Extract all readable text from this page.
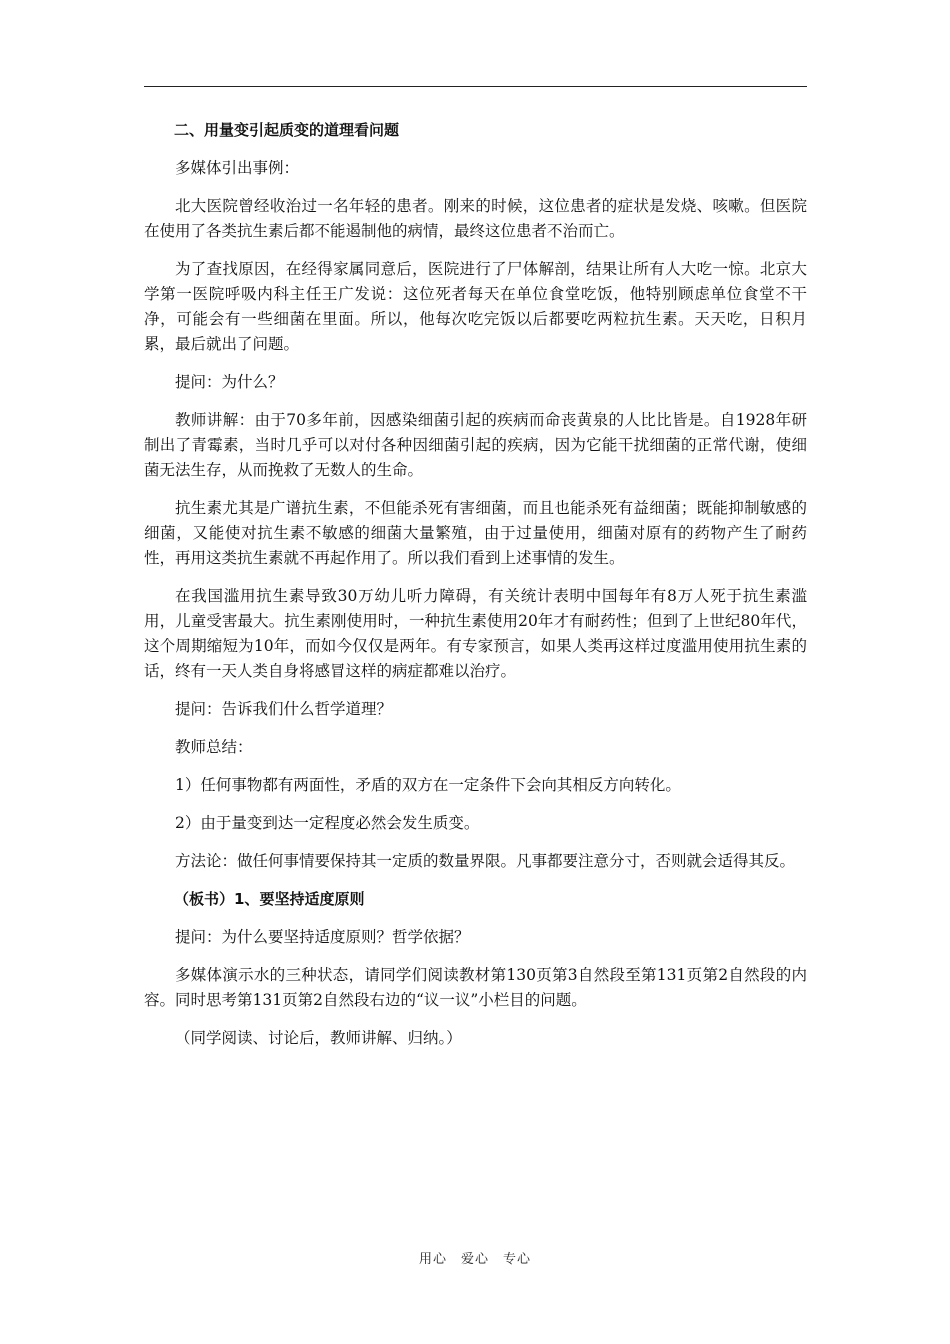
二、用量变引起质变的道理看问题

多媒体引出事例：

北大医院曾经收治过一名年轻的患者。刚来的时候，这位患者的症状是发烧、咳嗽。但医院在使用了各类抗生素后都不能遏制他的病情，最终这位患者不治而亡。

为了查找原因，在经得家属同意后，医院进行了尸体解剖，结果让所有人大吃一惊。北京大学第一医院呼吸内科主任王广发说：这位死者每天在单位食堂吃饭，他特别顾虑单位食堂不干净，可能会有一些细菌在里面。所以，他每次吃完饭以后都要吃两粒抗生素。天天吃，日积月累，最后就出了问题。

提问：为什么？

教师讲解：由于70多年前，因感染细菌引起的疾病而命丧黄泉的人比比皆是。自1928年研制出了青霉素，当时几乎可以对付各种因细菌引起的疾病，因为它能干扰细菌的正常代谢，使细菌无法生存，从而挽救了无数人的生命。

抗生素尤其是广谱抗生素，不但能杀死有害细菌，而且也能杀死有益细菌；既能抑制敏感的细菌，又能使对抗生素不敏感的细菌大量繁殖，由于过量使用，细菌对原有的药物产生了耐药性，再用这类抗生素就不再起作用了。所以我们看到上述事情的发生。

在我国滥用抗生素导致30万幼儿听力障碍，有关统计表明中国每年有8万人死于抗生素滥用，儿童受害最大。抗生素刚使用时，一种抗生素使用20年才有耐药性；但到了上世纪80年代，这个周期缩短为10年，而如今仅仅是两年。有专家预言，如果人类再这样过度滥用使用抗生素的话，终有一天人类自身将感冒这样的病症都难以治疗。

提问：告诉我们什么哲学道理？

教师总结：

1）任何事物都有两面性，矛盾的双方在一定条件下会向其相反方向转化。

2）由于量变到达一定程度必然会发生质变。

方法论：做任何事情要保持其一定质的数量界限。凡事都要注意分寸，否则就会适得其反。

（板书）1、要坚持适度原则

提问：为什么要坚持适度原则？哲学依据？

多媒体演示水的三种状态，请同学们阅读教材第130页第3自然段至第131页第2自然段的内容。同时思考第131页第2自然段右边的“议一议”小栏目的问题。

（同学阅读、讨论后，教师讲解、归纳。）

用心　爱心　专心
